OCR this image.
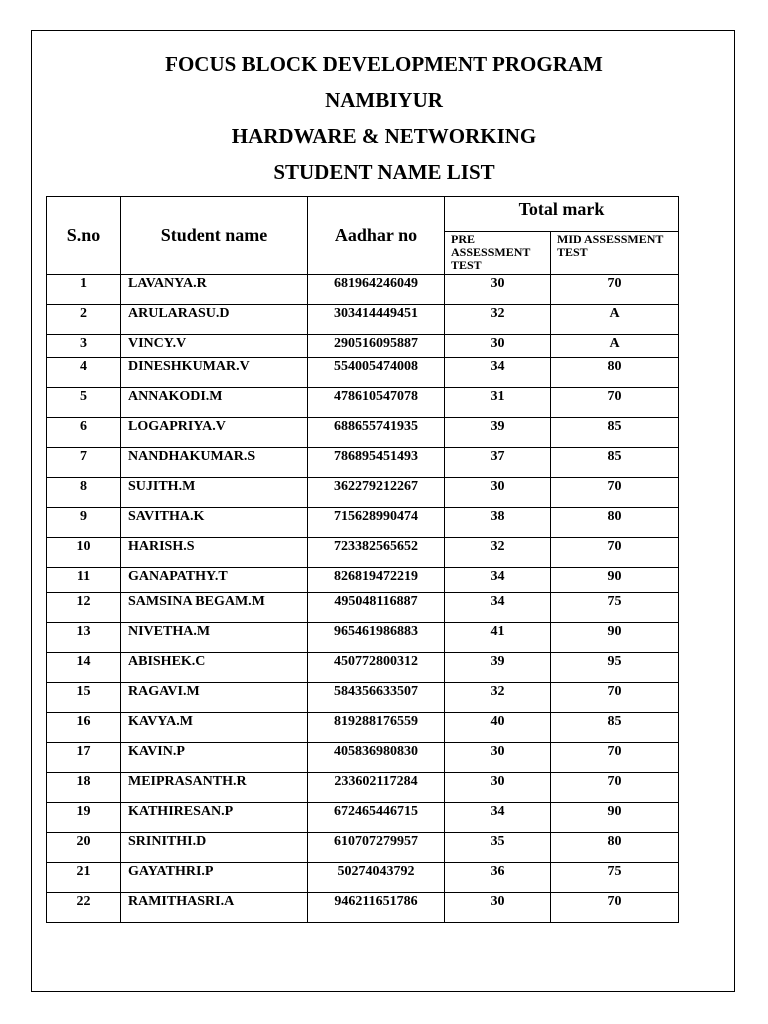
FOCUS BLOCK DEVELOPMENT PROGRAM
NAMBIYUR
HARDWARE & NETWORKING
STUDENT NAME LIST
S.no	Student name	Aadhar no	Total mark	
			PRE ASSESSMENT TEST	MID ASSESSMENT TEST
1	LAVANYA.R	681964246049	30	70
2	ARULARASU.D	303414449451	32	A
3	VINCY.V	290516095887	30	A
4	DINESHKUMAR.V	554005474008	34	80
5	ANNAKODI.M	478610547078	31	70
6	LOGAPRIYA.V	688655741935	39	85
7	NANDHAKUMAR.S	786895451493	37	85
8	SUJITH.M	362279212267	30	70
9	SAVITHA.K	715628990474	38	80
10	HARISH.S	723382565652	32	70
11	GANAPATHY.T	826819472219	34	90
12	SAMSINA BEGAM.M	495048116887	34	75
13	NIVETHA.M	965461986883	41	90
14	ABISHEK.C	450772800312	39	95
15	RAGAVI.M	584356633507	32	70
16	KAVYA.M	819288176559	40	85
17	KAVIN.P	405836980830	30	70
18	MEIPRASANTH.R	233602117284	30	70
19	KATHIRESAN.P	672465446715	34	90
20	SRINITHI.D	610707279957	35	80
21	GAYATHRI.P	50274043792	36	75
22	RAMITHASRI.A	946211651786	30	70
